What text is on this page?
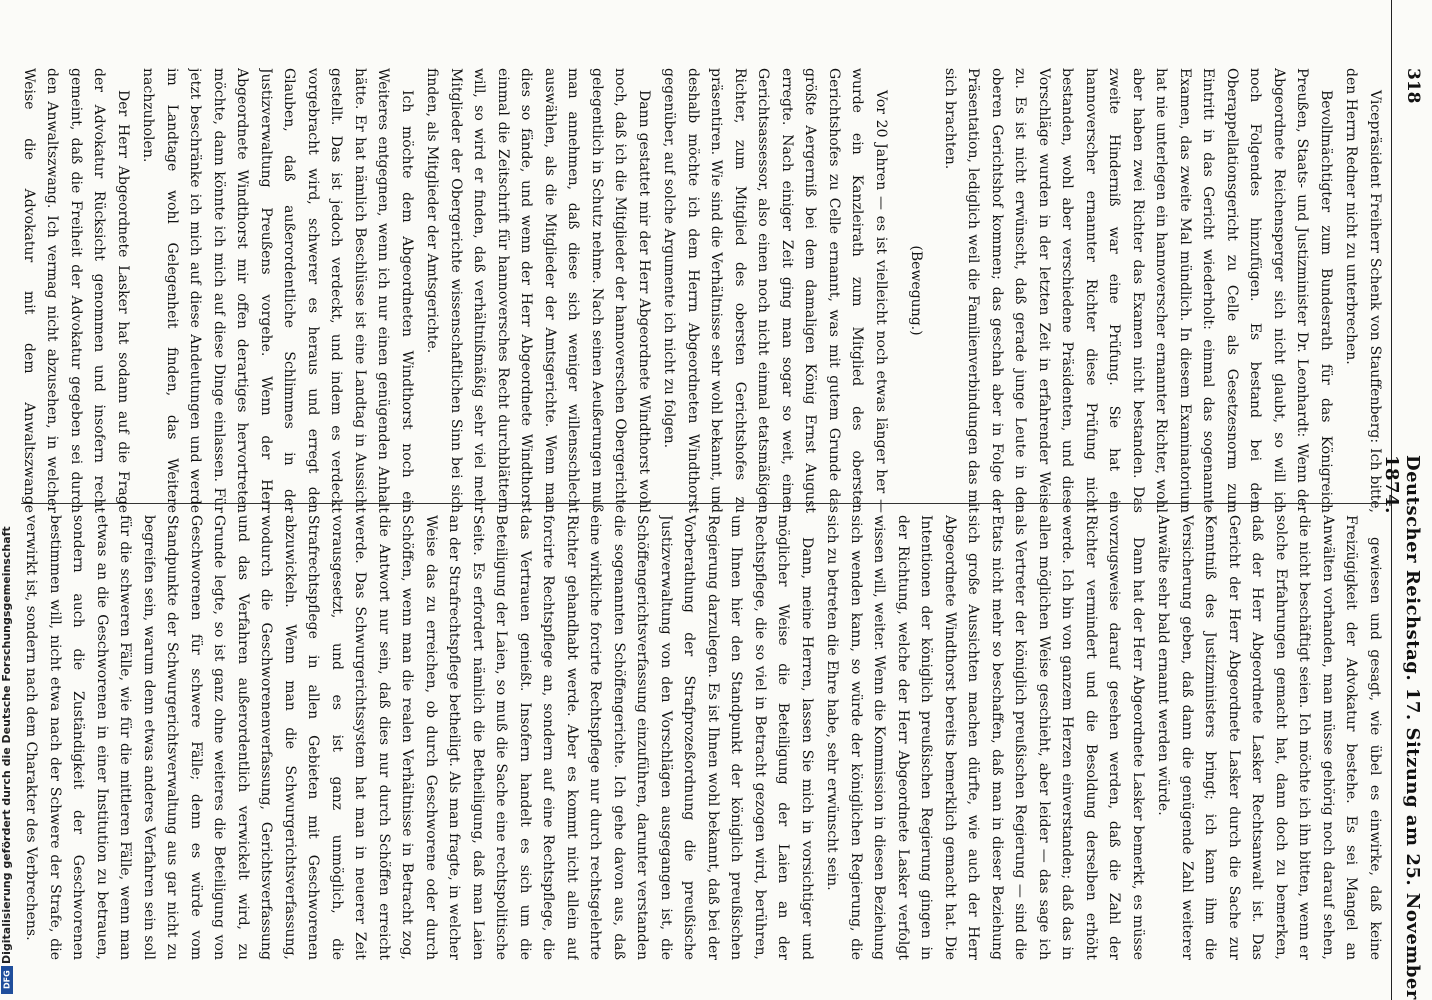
318
Deutscher Reichstag. 17. Sitzung am 25. November 1874.

Vicepräsident Freiherr Schenk von Stauffenberg: Ich bitte, den Herrn Redner nicht zu unterbrechen.

Bevollmächtigter zum Bundesrath für das Königreich Preußen, Staats- und Justizminister Dr. Leonhardt: Wenn der Abgeordnete Reichensperger sich nicht glaubt, so will ich noch Folgendes hinzufügen. Es bestand bei dem Oberappellationsgericht zu Celle als Gesetzesnorm zum Eintritt in das Gericht wiederholt: einmal das sogenannte Examen, das zweite Mal mündlich. In diesem Examinatorium hat nie unterlegen ein hannoverscher ernannter Richter, wohl aber haben zwei Richter das Examen nicht bestanden. Das zweite Hinderniß war eine Prüfung. Sie hat ein hannoverscher ernannter Richter diese Prüfung nicht bestanden, wohl aber verschiedene Präsidenten, und diese Vorschläge wurden in der letzten Zeit in erfahrender Weise zu. Es ist nicht erwünscht, daß gerade junge Leute in den oberen Gerichtshof kommen; das geschah aber in Folge der Präsentation, lediglich weil die Familienverbindungen das mit sich brachten.

(Bewegung.)

Vor 20 Jahren — es ist vielleicht noch etwas länger her — wurde ein Kanzleirath zum Mitglied des obersten Gerichtshofes zu Celle ernannt, was mit gutem Grunde das größte Aergerniß bei dem damaligen König Ernst August erregte. Nach einiger Zeit ging man sogar so weit, einen Gerichtsassessor, also einen noch nicht einmal etatsmäßigen Richter, zum Mitglied des obersten Gerichtshofes zu präsentiren. Wie sind die Verhältnisse sehr wohl bekannt, und deshalb möchte ich dem Herrn Abgeordneten Windthorst gegenüber, auf solche Argumente ich nicht zu folgen.

Dann gestattet mir der Herr Abgeordnete Windthorst wohl noch, daß ich die Mitglieder der hannoverschen Obergerichte gelegentlich in Schutz nehme. Nach seinen Aeußerungen muß man annehmen, daß diese sich weniger willensschlecht auswählen, als die Mitglieder der Amtsgerichte. Wenn man dies so fände, und wenn der Herr Abgeordnete Windthorst einmal die Zeitschrift für hannoversches Recht durchblättern will, so wird er finden, daß verhältnißmäßig sehr viel mehr Mitglieder der Obergerichte wissenschaftlichen Sinn bei sich finden, als Mitglieder der Amtsgerichte.

Ich möchte dem Abgeordneten Windthorst noch ein Weiteres entgegnen, wenn ich nur einen genügenden Anhalt hätte. Er hat nämlich Beschlüsse ist eine Landtag in Aussicht gestellt. Das ist jedoch verdeckt, und indem es verdeckt vorgebracht wird, schwerer es heraus und erregt den Glauben, daß außerordentliche Schlimmes in der Justizverwaltung Preußens vorgehe. Wenn der Herr Abgeordnete Windthorst mir offen derartiges hervortreten möchte, dann könnte ich mich auf diese Dinge einlassen. Für jetzt beschränke ich mich auf diese Andeutungen und werde im Landtage wohl Gelegenheit finden, das Weitere nachzuholen.

Der Herr Abgeordnete Lasker hat sodann auf die Frage der Advokatur Rücksicht genommen und insofern recht gemeint, daß die Freiheit der Advokatur gegeben sei durch den Anwaltszwang. Ich vermag nicht abzusehen, in welcher Weise die Advokatur mit dem Anwaltszwange

gewiesen und gesagt, wie übel es einwirke, daß keine Freizügigkeit der Advokatur bestehe. Es sei Mangel an Anwälten vorhanden, man müsse gehörig noch darauf sehen, die nicht beschäftigt seien. Ich möchte ich ihn bitten, wenn er solche Erfahrungen gemacht hat, dann doch zu bemerken, daß der Herr Abgeordnete Lasker Rechtsanwalt ist. Das Gericht der Herr Abgeordnete Lasker durch die Sache zur Kenntniß des Justizministers bringt; ich kann ihm die Versicherung geben, daß dann die genügende Zahl weiterer Anwälte sehr bald ernannt werden würde.

Dann hat der Herr Abgeordnete Lasker bemerkt, es müsse vorzugsweise darauf gesehen werden, daß die Zahl der Richter vermindert und die Besoldung derselben erhöht werde. Ich bin von ganzem Herzen einverstanden; daß das in allen möglichen Weise geschieht, aber leider — das sage ich als Vertreter der königlich preußischen Regierung — sind die Etats nicht mehr so beschaffen, daß man in dieser Beziehung sich große Aussichten machen dürfte, wie auch der Herr Abgeordnete Windthorst bereits bemerklich gemacht hat. Die Intentionen der königlich preußischen Regierung gingen in der Richtung, welche der Herr Abgeordnete Lasker verfolgt wissen will, weiter. Wenn die Kommission in diesen Beziehung sich wenden kann, so würde der königlichen Regierung, die sich zu betreten die Ehre habe, sehr erwünscht sein.

Dann, meine Herren, lassen Sie mich in vorsichtiger und möglicher Weise die Beteiligung der Laien an der Rechtspflege, die so viel in Betracht gezogen wird, berühren, um Ihnen hier den Standpunkt der königlich preußischen Regierung darzulegen. Es ist Ihnen wohl bekannt, daß bei der Vorberathung der Strafprozeßordnung die preußische Justizverwaltung von den Vorschlägen ausgegangen ist, die Schöffengerichtsverfassung einzuführen, darunter verstanden die sogenannten Schöffengerichte. Ich gehe davon aus, daß eine wirkliche forcirte Rechtspflege nur durch rechtsgelehrte Richter gehandhabt werde. Aber es kommt nicht allein auf forcirte Rechtspflege an, sondern auf eine Rechtspflege, die das Vertrauen genießt. Insofern handelt es sich um die Beteiligung der Laien, so muß die Sache eine rechtspolitische Seite. Es erfordert nämlich die Betheiligung, daß man Laien an der Strafrechtspflege betheiligt. Als man fragte, in welcher Weise das zu erreichen, ob durch Geschworene oder durch Schöffen, wenn man die realen Verhältnisse in Betracht zog, die Antwort nur sein, daß dies nur durch Schöffen erreicht werde. Das Schwurgerichtssystem hat man in neuerer Zeit vorausgesetzt, und es ist ganz unmöglich, die Strafrechtspflege in allen Gebieten mit Geschworenen abzuwickeln. Wenn man die Schwurgerichtsverfassung, wodurch die Geschworenenverfassung, Gerichtsverfassung und das Verfahren außerordentlich verwickelt wird, zu Grunde legte, so ist ganz ohne weiteres die Beteiligung von Geschworenen für schwere Fälle; denn es würde vom Standpunkte der Schwurgerichtsverwaltung aus gar nicht zu begreifen sein, warum denn etwas anderes Verfahren sein soll für die schweren Fälle, wie für die mittleren Fälle, wenn man etwas an die Geschworenen in einer Institution zu betrauen, sondern auch die Zuständigkeit der Geschworenen bestimmen will, nicht etwa nach der Schwere der Strafe, die verwirkt ist, sondern nach dem Charakter des Verbrechens.

Digitalisierung gefördert durch die Deutsche Forschungsgemeinschaft
DFG
